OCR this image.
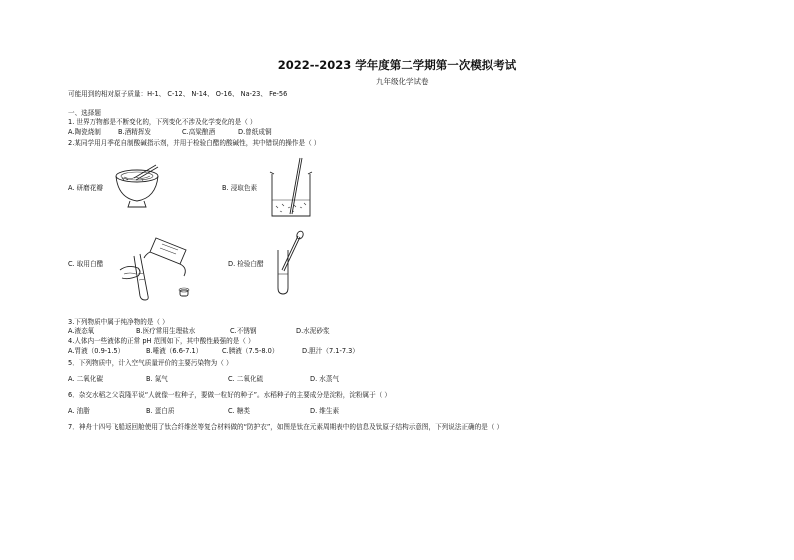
2022--2023 学年度第二学期第一次模拟考试
九年级化学试卷
可能用到的相对原子质量：H-1、 C-12、 N-14、 O-16、 Na-23、 Fe-56
一、选择题
1. 世界万物都是不断变化的，下列变化不涉及化学变化的是（ ）
A.陶瓷烧制	B.酒精挥发	C.高粱酿酒	D.曾纸成铜
2.某同学用月季花自制酸碱指示剂，并用于检验白醋的酸碱性，其中错误的操作是（ ）
A. 研磨花瓣	B. 浸取色素
C. 取用白醋	D. 检验白醋
3.下列物质中属于纯净物的是（ ）
A.液态氧	B.医疗常用生理盐水	C.不锈钢	D.水泥砂浆
4.人体内一些液体的正常 pH 范围如下，其中酸性最强的是（ ）
A.胃液（0.9-1.5）	B.唾液（6.6-7.1）	C.胰液（7.5-8.0）	D.胆汁（7.1-7.3）
5．下列物质中，计入空气质量评价的主要污染物为（ ）
A. 二氧化碳	B. 氮气	C. 二氧化硫	D. 水蒸气
6．杂交水稻之父袁隆平说“人就像一粒种子，要做一粒好的种子”。水稻种子的主要成分是淀粉，淀粉属于（ ）
A. 油脂	B. 蛋白质	C. 糖类	D. 维生素
7．神舟十四号飞船返回舱使用了钛合纤维丝等复合材料做的“防护衣”，如图是钛在元素周期表中的信息及钛原子结构示意图，下列说法正确的是（ ）
